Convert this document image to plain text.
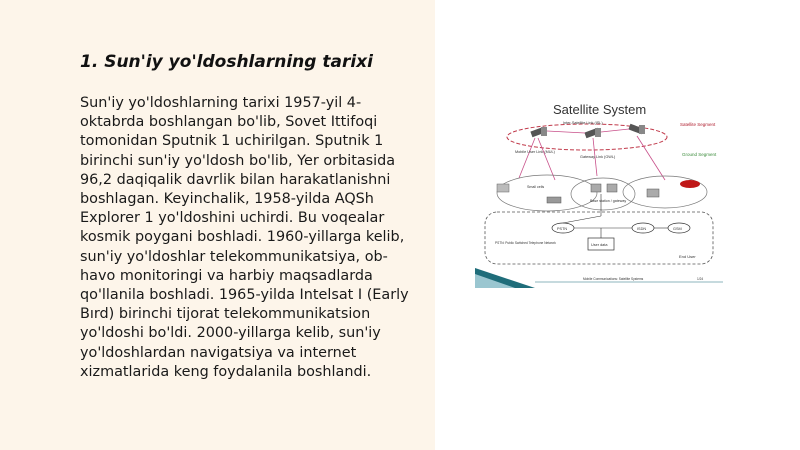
1. Sun'iy yo'ldoshlarning tarixi

Sun'iy yo'ldoshlarning tarixi 1957-yil 4-
oktabrda boshlangan bo'lib, Sovet Ittifoqi
tomonidan Sputnik 1 uchirilgan. Sputnik 1
birinchi sun'iy yo'ldosh bo'lib, Yer orbitasida
96,2 daqiqalik davrlik bilan harakatlanishni
boshlagan. Keyinchalik, 1958-yilda AQSh
Explorer 1 yo'ldoshini uchirdi. Bu voqealar
kosmik poygani boshladi. 1960-yillarga kelib,
sun'iy yo'ldoshlar telekommunikatsiya, ob-
havo monitoringi va harbiy maqsadlarda
qo'llanila boshladi. 1965-yilda Intelsat I (Early
Bırd) birinchi tijorat telekommunikatsion
yo'ldoshi bo'ldi. 2000-yillarga kelib, sun'iy
yo'ldoshlardan navigatsiya va internet
xizmatlarida keng foydalanila boshlandi.

Satellite System
Satellite Segment
Inter-Satellite Link (ISL)
Ground Segment
Mobile User Link (MUL)
Gateway Link (GWL)
Small cells
Base station / gateway
PSTN	ISDN	GSM
User data
PSTN: Public Switched Telephone Network
End User
Mobile Communications: Satellite Systems	1/24
